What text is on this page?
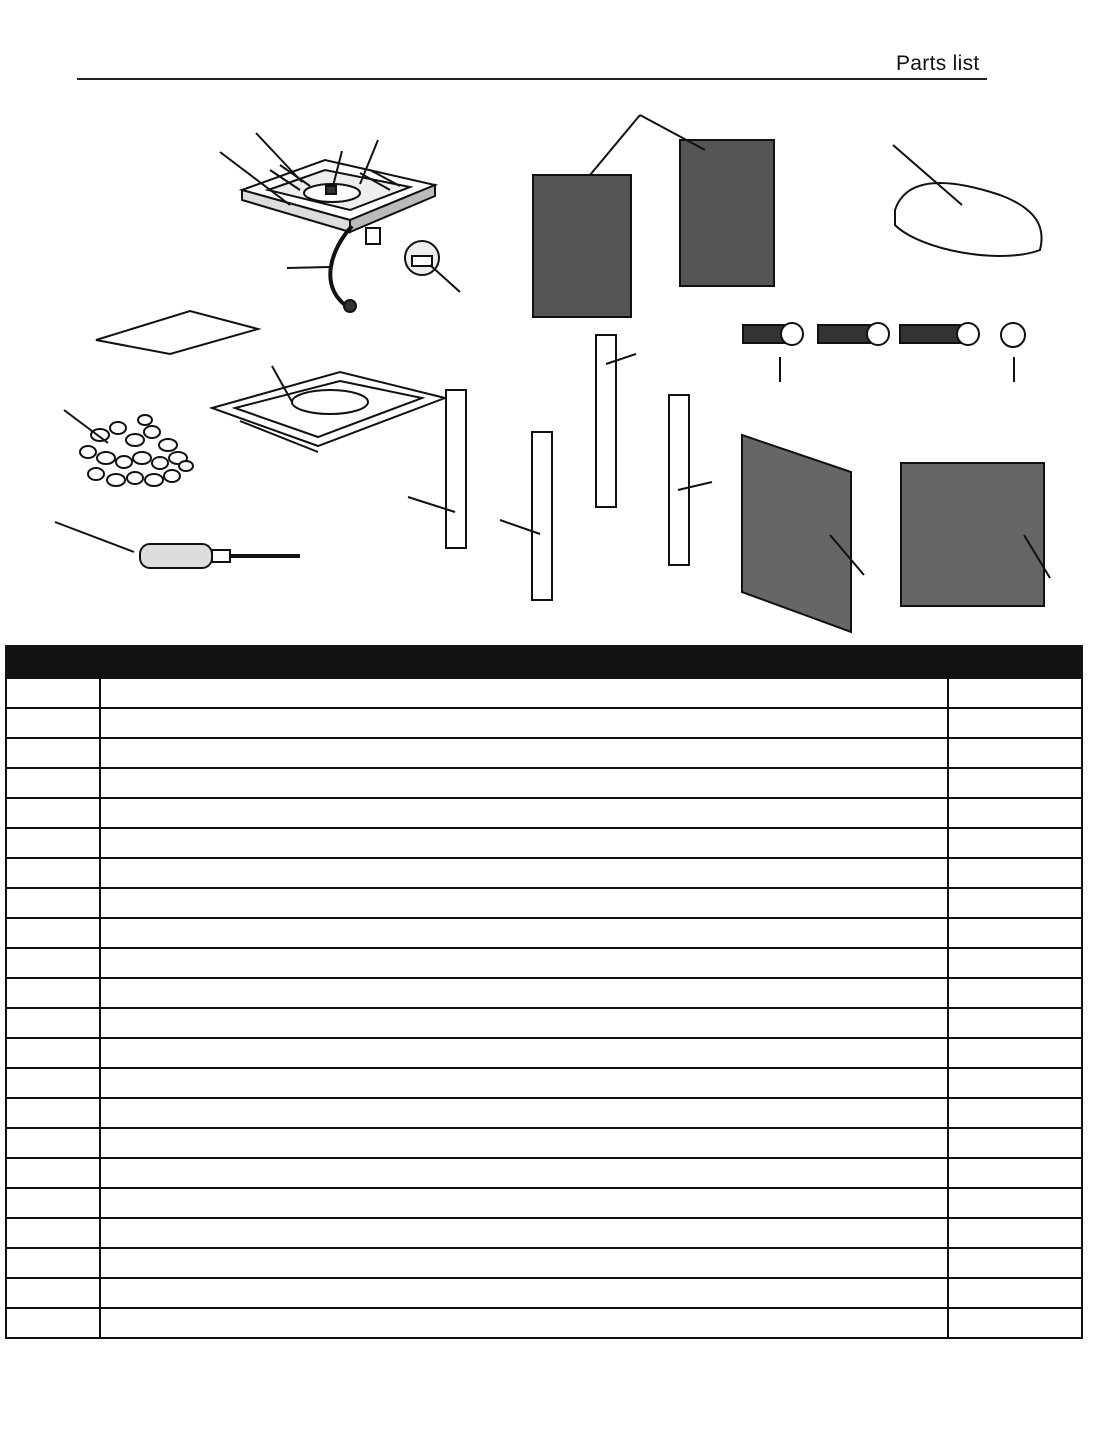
Parts list
